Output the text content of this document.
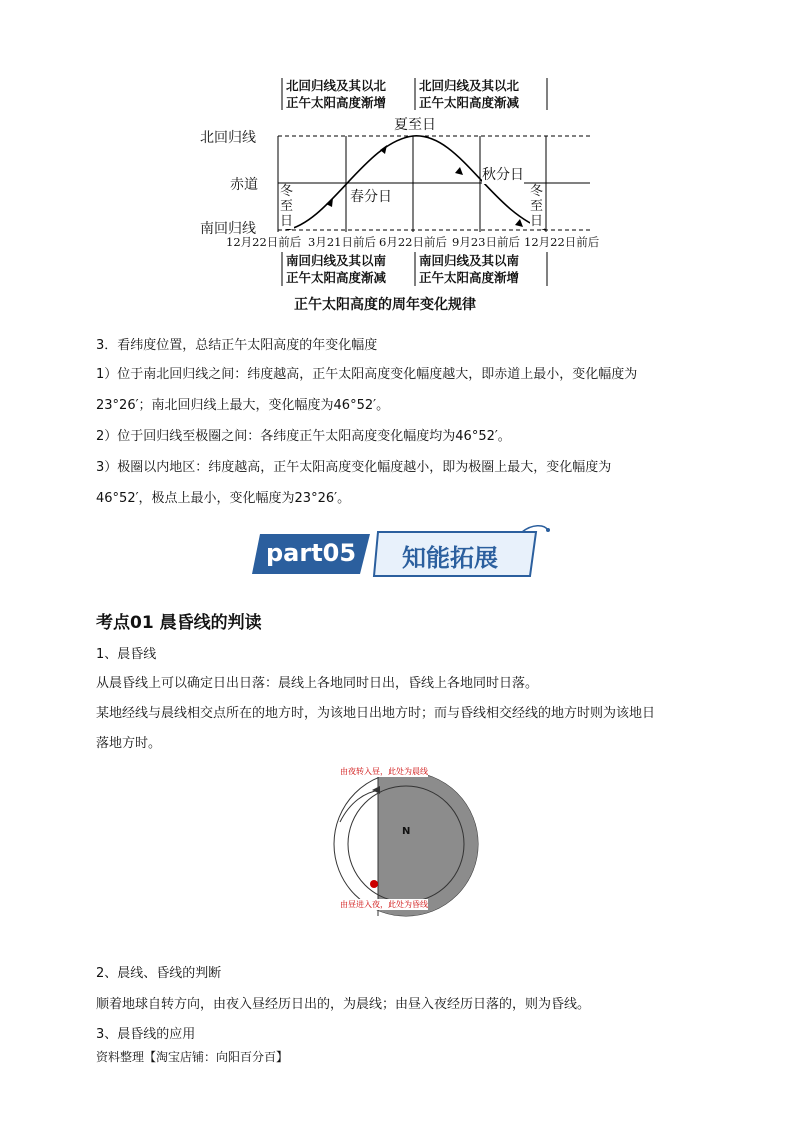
北回归线及其以北
正午太阳高度渐增
北回归线及其以北
正午太阳高度渐减
北回归线
赤道
南回归线
夏至日
春分日
秋分日
冬至日
冬至日
12月22日前后 3月21日前后 6月22日前后 9月23日前后 12月22日前后
南回归线及其以南
正午太阳高度渐减
南回归线及其以南
正午太阳高度渐增
正午太阳高度的周年变化规律
3．看纬度位置，总结正午太阳高度的年变化幅度
1）位于南北回归线之间：纬度越高，正午太阳高度变化幅度越大，即赤道上最小，变化幅度为
23°26′；南北回归线上最大，变化幅度为46°52′。
2）位于回归线至极圈之间：各纬度正午太阳高度变化幅度均为46°52′。
3）极圈以内地区：纬度越高，正午太阳高度变化幅度越小，即为极圈上最大，变化幅度为
46°52′，极点上最小，变化幅度为23°26′。
part05 知能拓展
考点01 晨昏线的判读
1、晨昏线
从晨昏线上可以确定日出日落：晨线上各地同时日出，昏线上各地同时日落。
某地经线与晨线相交点所在的地方时，为该地日出地方时；而与昏线相交经线的地方时则为该地日
落地方时。
由夜转入昼，此处为晨线
N
由昼进入夜，此处为昏线
2、晨线、昏线的判断
顺着地球自转方向，由夜入昼经历日出的，为晨线；由昼入夜经历日落的，则为昏线。
3、晨昏线的应用
资料整理【淘宝店铺：向阳百分百】
